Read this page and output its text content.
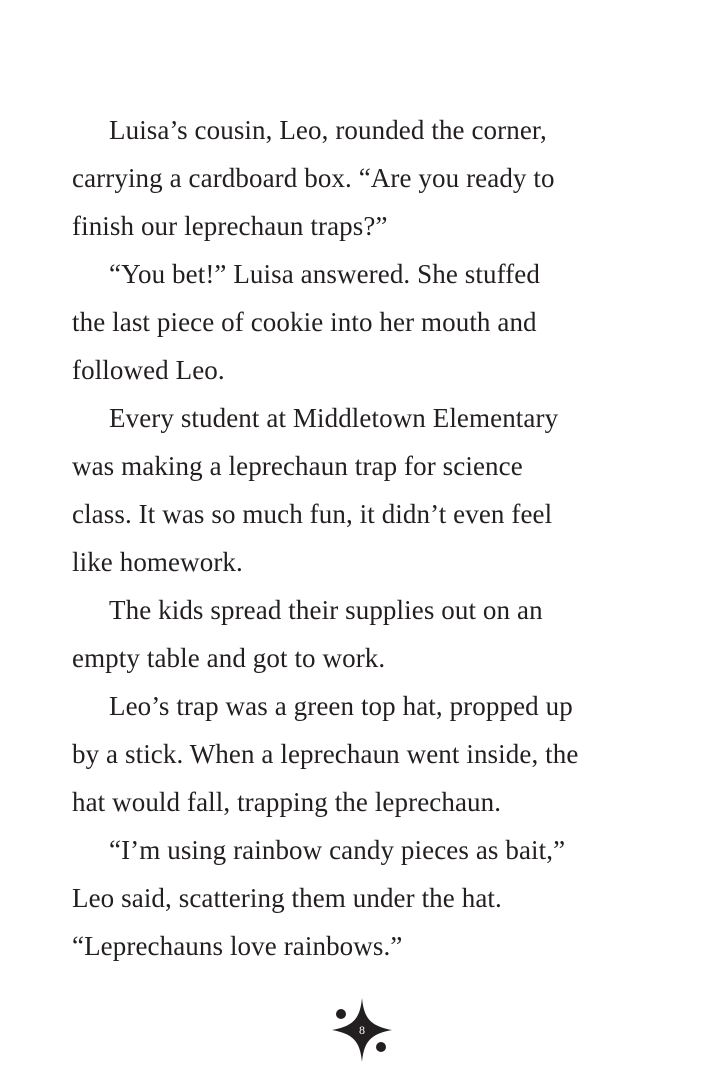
Luisa’s cousin, Leo, rounded the corner,
carrying a cardboard box. “Are you ready to
finish our leprechaun traps?”
“You bet!” Luisa answered. She stuffed
the last piece of cookie into her mouth and
followed Leo.
Every student at Middletown Elementary
was making a leprechaun trap for science
class. It was so much fun, it didn’t even feel
like homework.
The kids spread their supplies out on an
empty table and got to work.
Leo’s trap was a green top hat, propped up
by a stick. When a leprechaun went inside, the
hat would fall, trapping the leprechaun.
“I’m using rainbow candy pieces as bait,”
Leo said, scattering them under the hat.
“Leprechauns love rainbows.”
8
